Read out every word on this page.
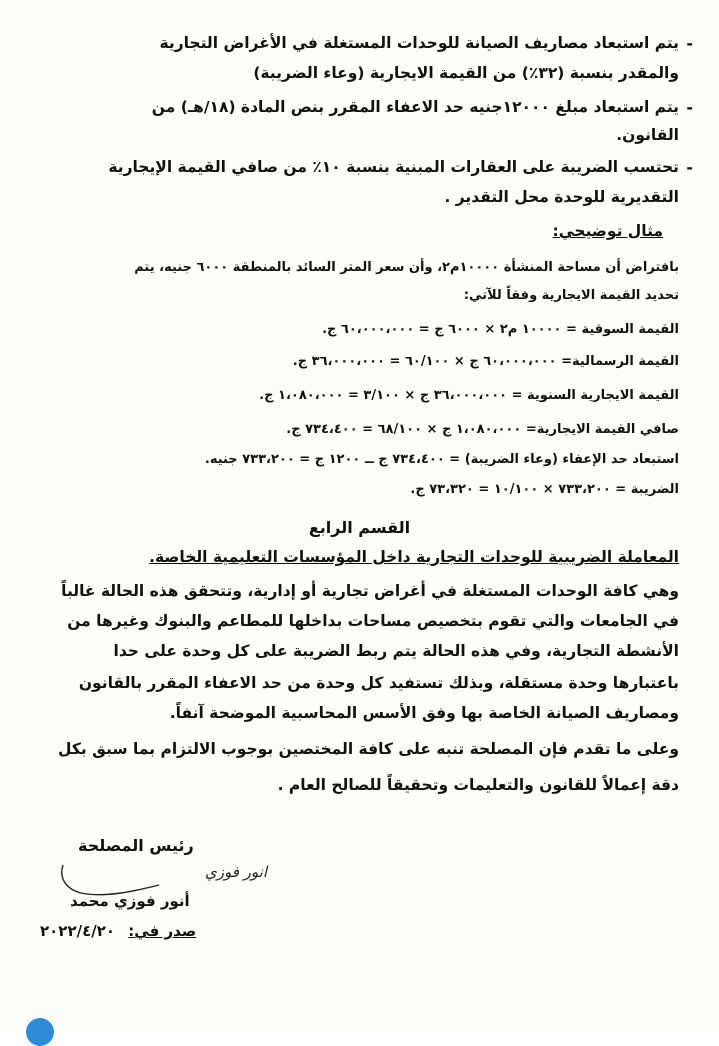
-
يتم استبعاد مصاريف الصيانة للوحدات المستغلة في الأغراض التجارية
والمقدر بنسبة (٣٢٪) من القيمة الايجارية (وعاء الضريبة)
-
يتم استبعاد مبلغ ١٢٠٠٠جنيه حد الاعفاء المقرر بنص المادة (١٨/هـ) من
القانون.
-
تحتسب الضريبة على العقارات المبنية بنسبة ١٠٪ من صافي القيمة الإيجارية
التقديرية للوحدة محل التقدير .
مثال توضيحي:
بافتراض أن مساحة المنشأة ١٠٠٠٠م٢، وأن سعر المتر السائد بالمنطقة ٦٠٠٠ جنيه، يتم
تحديد القيمة الايجارية وفقاً للآتي:
القيمة السوقية = ١٠٠٠٠ م٢ × ٦٠٠٠ ج = ٦٠،٠٠٠،٠٠٠ ج.
القيمة الرسمالية= ٦٠،٠٠٠،٠٠٠ ج × ٦٠/١٠٠ = ٣٦،٠٠٠،٠٠٠ ج.
القيمة الايجارية السنوية = ٣٦،٠٠٠،٠٠٠ ج × ٣/١٠٠ = ١،٠٨٠،٠٠٠ ج.
صافي القيمة الايجارية= ١،٠٨٠،٠٠٠ ج × ٦٨/١٠٠ = ٧٣٤،٤٠٠ ج.
استبعاد حد الإعفاء (وعاء الضريبة) = ٧٣٤،٤٠٠ ج ــ ١٢٠٠ ج = ٧٣٣،٢٠٠ جنيه.
الضريبة = ٧٣٣،٢٠٠ × ١٠/١٠٠ = ٧٣،٣٢٠ ج.
القسم الرابع
المعاملة الضريبية للوحدات التجارية داخل المؤسسات التعليمية الخاصة.
وهي كافة الوحدات المستغلة في أغراض تجارية أو إدارية، وتتحقق هذه الحالة غالباً
في الجامعات والتي تقوم بتخصيص مساحات بداخلها للمطاعم والبنوك وغيرها من
الأنشطة التجارية، وفي هذه الحالة يتم ربط الضريبة على كل وحدة على حدا
باعتبارها وحدة مستقلة، وبذلك تستفيد كل وحدة من حد الاعفاء المقرر بالقانون
ومصاريف الصيانة الخاصة بها وفق الأسس المحاسبية الموضحة آنفاً.
وعلى ما تقدم فإن المصلحة تنبه على كافة المختصين بوجوب الالتزام بما سبق بكل
دقة إعمالاً للقانون والتعليمات وتحقيقاً للصالح العام .
رئيس المصلحة
انور فوزي
أنور فوزي محمد
صدر في: ٢٠٢٢/٤/٢٠
